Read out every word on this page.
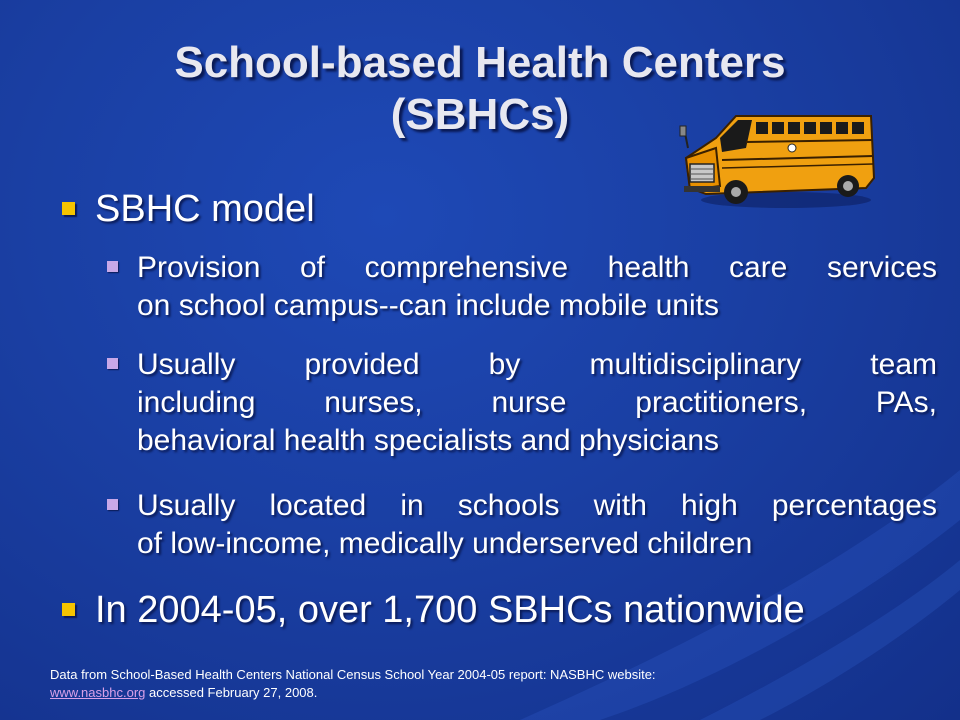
School-based Health Centers
(SBHCs)
SBHC model
Provision of comprehensive health care services
on school campus--can include mobile units
Usually provided by multidisciplinary team
including nurses, nurse practitioners, PAs,
behavioral health specialists and physicians
Usually located in schools with high percentages
of low-income, medically underserved children
In 2004-05, over 1,700 SBHCs nationwide
Data from School-Based Health Centers National Census School Year 2004-05 report: NASBHC website:
www.nasbhc.org accessed February 27, 2008.
